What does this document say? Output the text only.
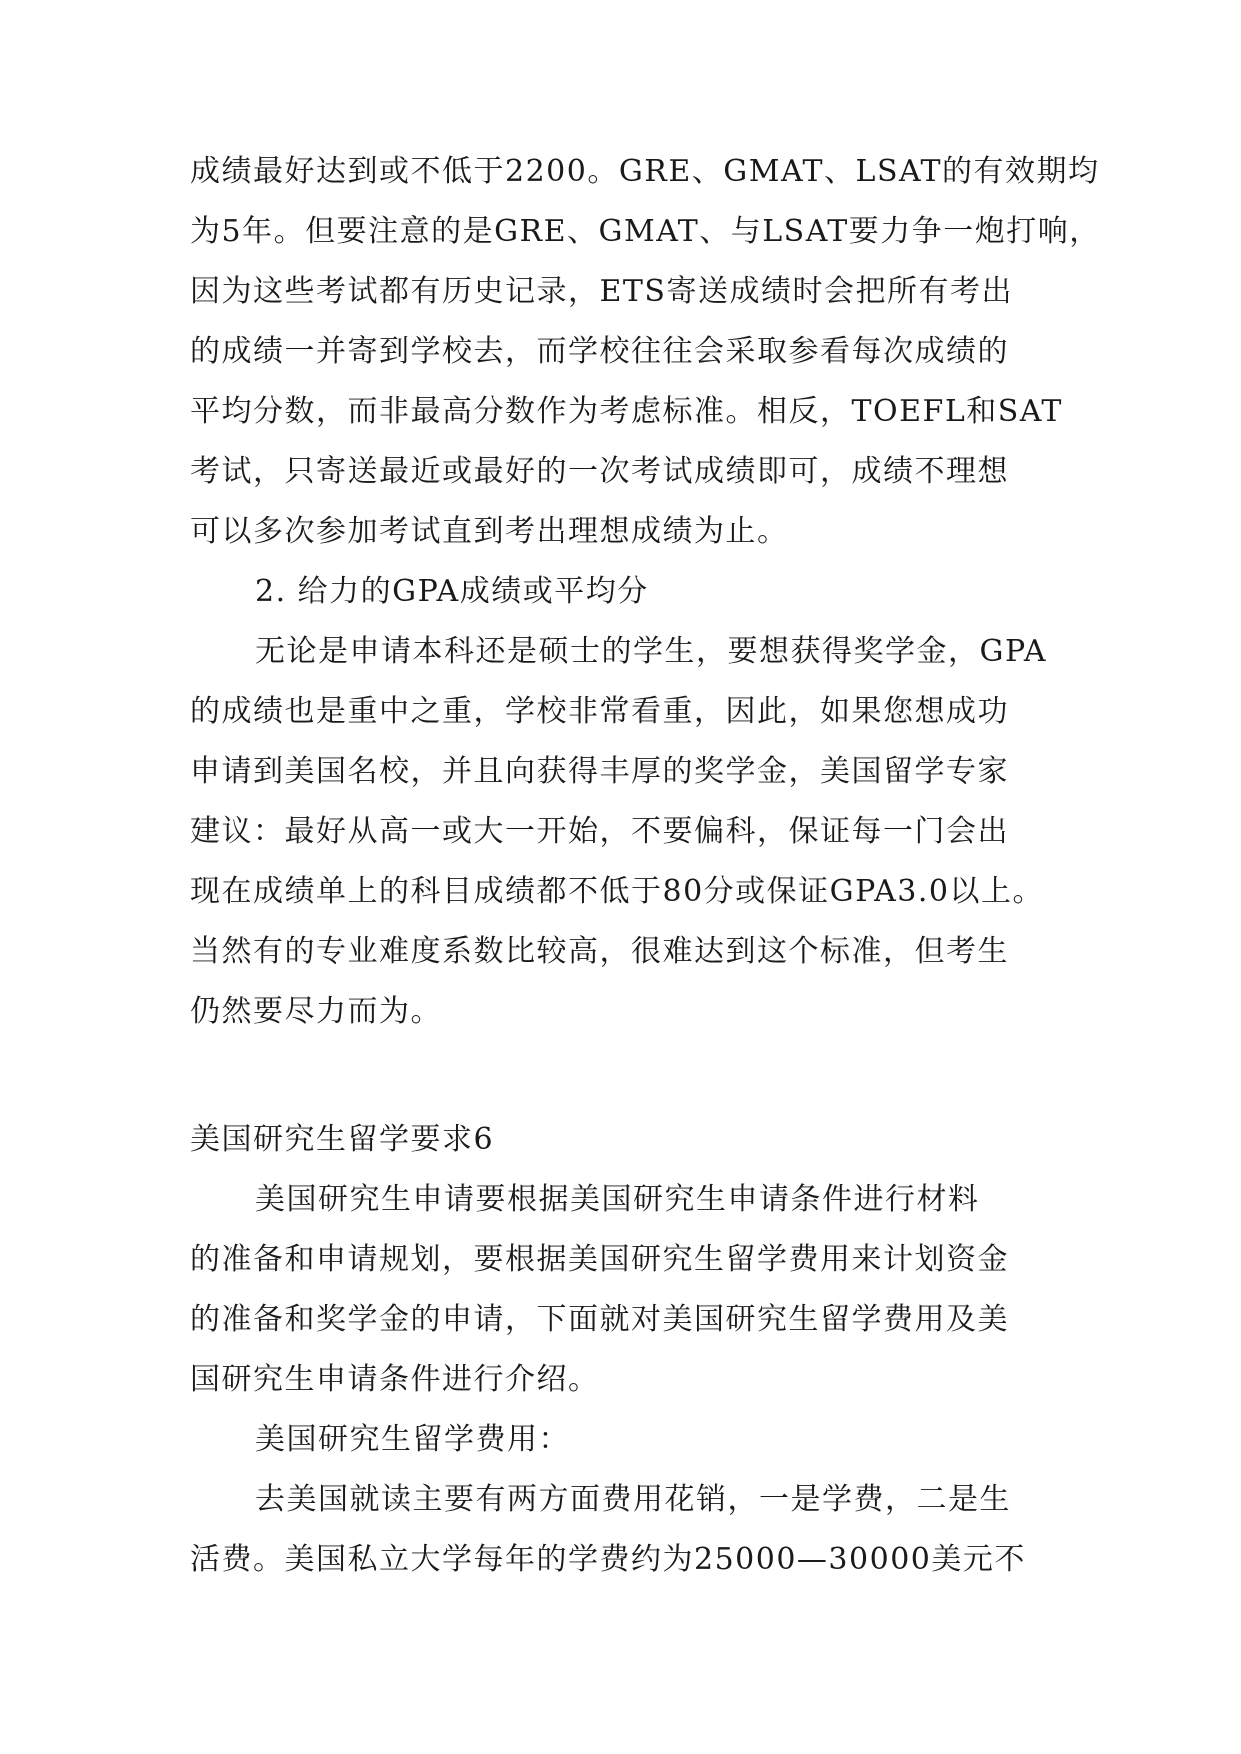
成绩最好达到或不低于2200。GRE、GMAT、LSAT的有效期均
为5年。但要注意的是GRE、GMAT、与LSAT要力争一炮打响，
因为这些考试都有历史记录，ETS寄送成绩时会把所有考出
的成绩一并寄到学校去，而学校往往会采取参看每次成绩的
平均分数，而非最高分数作为考虑标准。相反，TOEFL和SAT
考试，只寄送最近或最好的一次考试成绩即可，成绩不理想
可以多次参加考试直到考出理想成绩为止。
2. 给力的GPA成绩或平均分
无论是申请本科还是硕士的学生，要想获得奖学金，GPA
的成绩也是重中之重，学校非常看重，因此，如果您想成功
申请到美国名校，并且向获得丰厚的奖学金，美国留学专家
建议：最好从高一或大一开始，不要偏科，保证每一门会出
现在成绩单上的科目成绩都不低于80分或保证GPA3.0以上。
当然有的专业难度系数比较高，很难达到这个标准，但考生
仍然要尽力而为。
美国研究生留学要求6
美国研究生申请要根据美国研究生申请条件进行材料
的准备和申请规划，要根据美国研究生留学费用来计划资金
的准备和奖学金的申请，下面就对美国研究生留学费用及美
国研究生申请条件进行介绍。
美国研究生留学费用：
去美国就读主要有两方面费用花销，一是学费，二是生
活费。美国私立大学每年的学费约为25000—30000美元不
